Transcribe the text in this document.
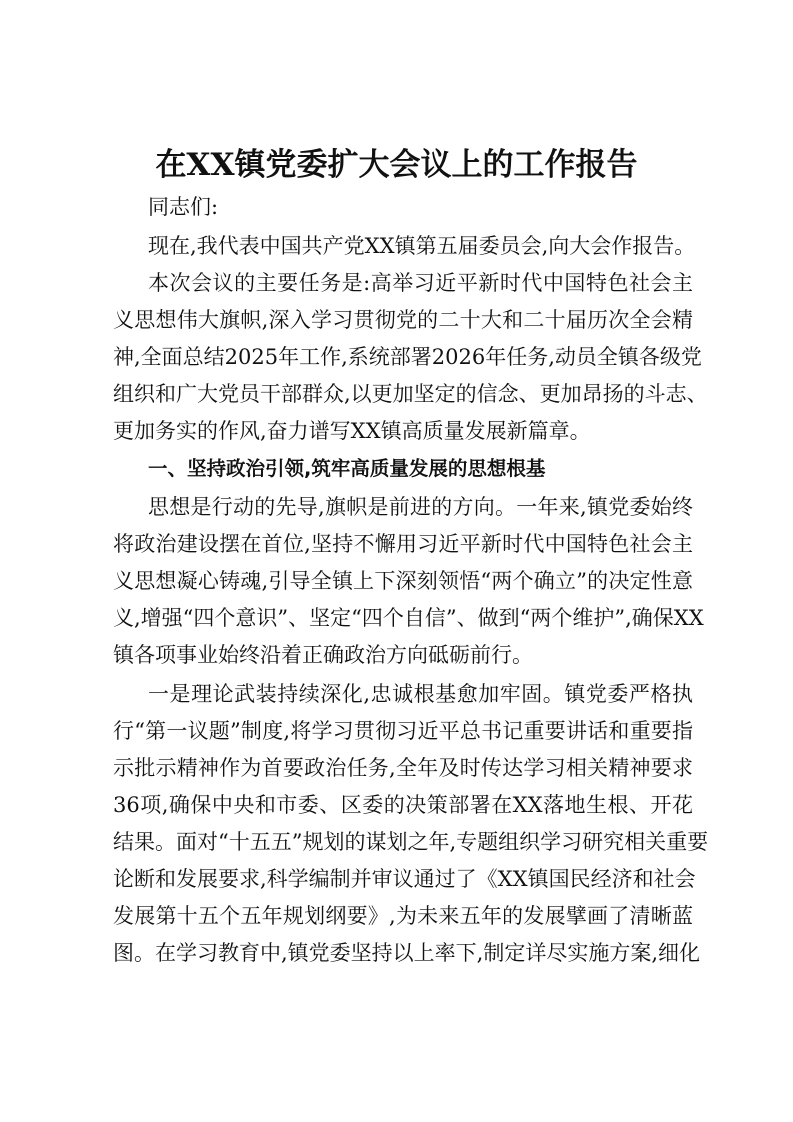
在XX镇党委扩大会议上的工作报告
同志们:
现在,我代表中国共产党XX镇第五届委员会,向大会作报告。
本次会议的主要任务是:高举习近平新时代中国特色社会主
义思想伟大旗帜,深入学习贯彻党的二十大和二十届历次全会精
神,全面总结2025年工作,系统部署2026年任务,动员全镇各级党
组织和广大党员干部群众,以更加坚定的信念、更加昂扬的斗志、
更加务实的作风,奋力谱写XX镇高质量发展新篇章。
一、坚持政治引领,筑牢高质量发展的思想根基
思想是行动的先导,旗帜是前进的方向。一年来,镇党委始终
将政治建设摆在首位,坚持不懈用习近平新时代中国特色社会主
义思想凝心铸魂,引导全镇上下深刻领悟“两个确立”的决定性意
义,增强“四个意识”、坚定“四个自信”、做到“两个维护”,确保XX
镇各项事业始终沿着正确政治方向砥砺前行。
一是理论武装持续深化,忠诚根基愈加牢固。镇党委严格执
行“第一议题”制度,将学习贯彻习近平总书记重要讲话和重要指
示批示精神作为首要政治任务,全年及时传达学习相关精神要求
36项,确保中央和市委、区委的决策部署在XX落地生根、开花
结果。面对“十五五”规划的谋划之年,专题组织学习研究相关重要
论断和发展要求,科学编制并审议通过了《XX镇国民经济和社会
发展第十五个五年规划纲要》,为未来五年的发展擘画了清晰蓝
图。在学习教育中,镇党委坚持以上率下,制定详尽实施方案,细化
